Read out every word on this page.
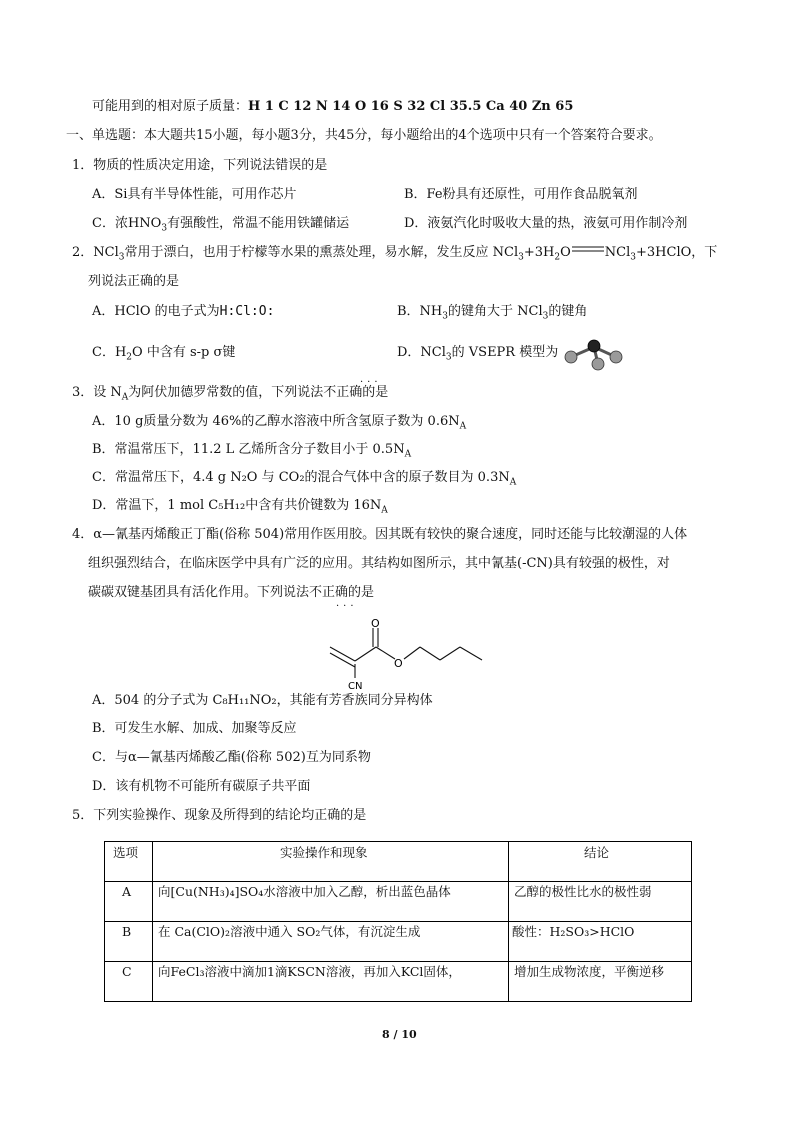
可能用到的相对原子质量：H 1 C 12 N 14 O 16 S 32 Cl 35.5 Ca 40 Zn 65
一、单选题：本大题共15小题，每小题3分，共45分，每小题给出的4个选项中只有一个答案符合要求。
1．物质的性质决定用途，下列说法错误的是
A．Si具有半导体性能，可用作芯片	B．Fe粉具有还原性，可用作食品脱氧剂
C．浓$HNO_3$有强酸性，常温不能用铁罐储运	D．液氨汽化时吸收大量的热，液氨可用作制冷剂
2．NCl$_3$常用于漂白，也用于柠檬等水果的熏蒸处理，易水解，发生反应 $NCl_3+3H_2O$	NCl$_3$+3HClO，下
列说法正确的是
A．HClO 的电子式为H:Cl:O:	B．$NH_3$的键角大于 NCl$_3$的键角
C．$H_2O$ 中含有 s-p σ键	D．NCl$_3$的 VSEPR 模型为
3．设 $N_A$为阿伏加德罗常数的值，下列说法不正确的是
···
A．10 g质量分数为 46%的乙醇水溶液中所含氢原子数为 $0.6N_A$
B．常温常压下，11.2 L 乙烯所含分子数目小于 $0.5N_A$
C．常温常压下，4.4 g N₂O 与 CO₂的混合气体中含的原子数目为 $0.3N_A$
D．常温下，1 mol C₅H₁₂中含有共价键数为 $16N_A$
4．α—氰基丙烯酸正丁酯(俗称 504)常用作医用胶。因其既有较快的聚合速度，同时还能与比较潮湿的人体
组织强烈结合，在临床医学中具有广泛的应用。其结构如图所示，其中氰基(-CN)具有较强的极性，对
碳碳双键基团具有活化作用。下列说法不正确的是
···
O
O
CN
A．504 的分子式为 C₈H₁₁NO₂，其能有芳香族同分异构体
B．可发生水解、加成、加聚等反应
C．与α—氰基丙烯酸乙酯(俗称 502)互为同系物
D．该有机物不可能所有碳原子共平面
5．下列实验操作、现象及所得到的结论均正确的是
选项	实验操作和现象	结论
A 向[Cu(NH₃)₄]SO₄水溶液中加入乙醇，析出蓝色晶体	乙醇的极性比水的极性弱
B 在 Ca(ClO)₂溶液中通入 SO₂气体，有沉淀生成	酸性：H₂SO₃>HClO
C 向FeCl₃溶液中滴加1滴KSCN溶液，再加入KCl固体，	增加生成物浓度，平衡逆移
8 / 10
